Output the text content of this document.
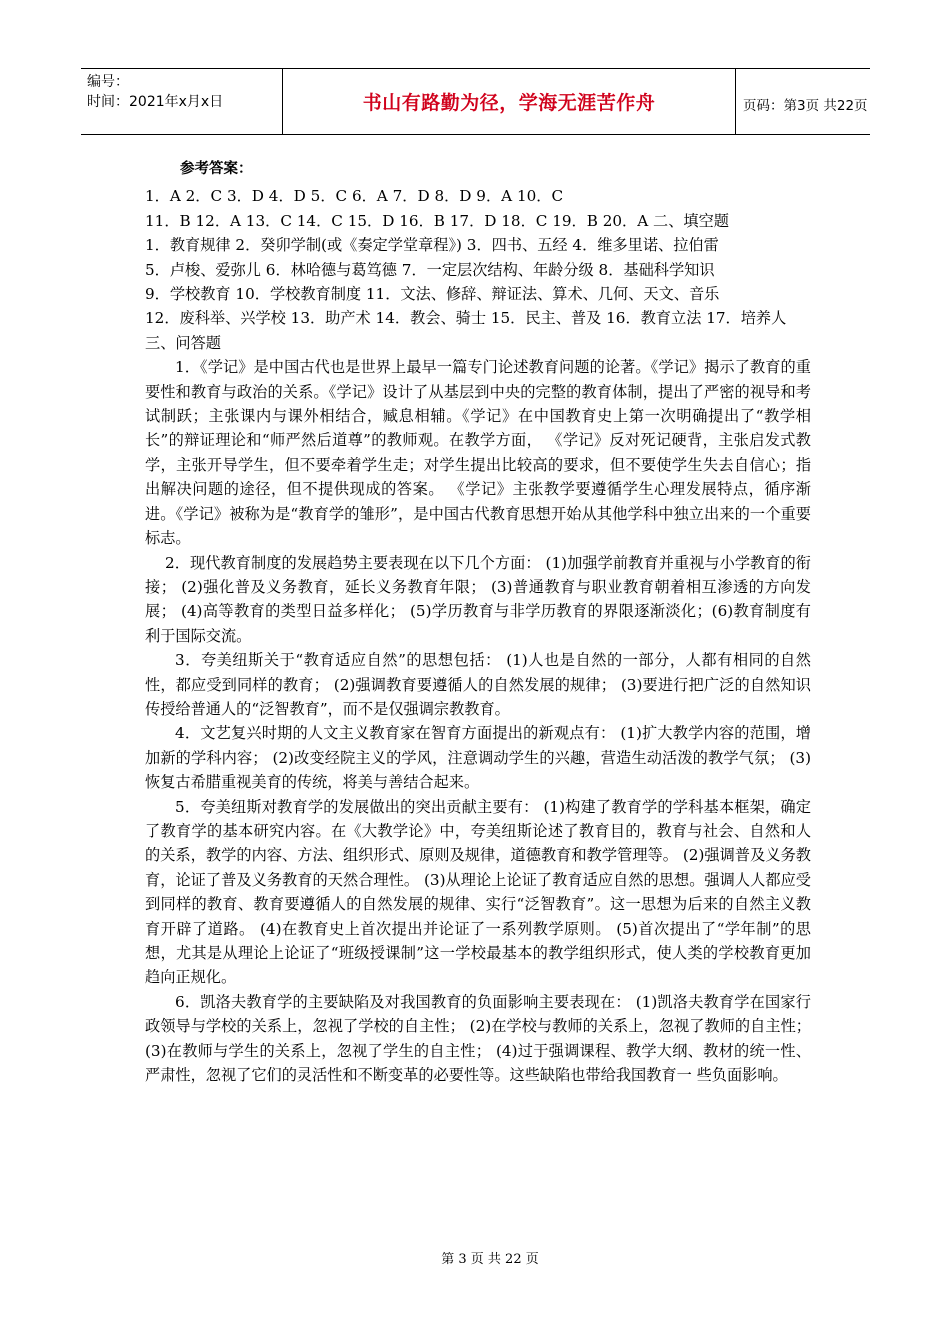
编号：
时间：2021年x月x日	书山有路勤为径，学海无涯苦作舟	页码：第3页 共22页

参考答案：

1．A 2．C 3．D 4．D 5．C 6．A 7．D 8．D 9．A 10．C

11．B 12．A 13．C 14．C 15．D 16．B 17．D 18．C 19．B 20．A 二、填空题

1．教育规律 2．癸卯学制(或《奏定学堂章程》) 3．四书、五经 4．维多里诺、拉伯雷

5．卢梭、爱弥儿 6．林哈德与葛笃德 7．一定层次结构、年龄分级 8．基础科学知识

9．学校教育 10．学校教育制度 11．文法、修辞、辩证法、算术、几何、天文、音乐

12．废科举、兴学校 13．助产术 14．教会、骑士 15．民主、普及 16．教育立法 17．培养人

三、问答题

1．《学记》是中国古代也是世界上最早一篇专门论述教育问题的论著。《学记》揭示了教育的重要性和教育与政治的关系。《学记》设计了从基层到中央的完整的教育体制，提出了严密的视导和考试制跃；主张课内与课外相结合，臧息相辅。《学记》在中国教育史上第一次明确提出了“教学相长”的辩证理论和“师严然后道尊”的教师观。在教学方面， 《学记》反对死记硬背，主张启发式教学，主张开导学生，但不要牵着学生走；对学生提出比较高的要求，但不要使学生失去自信心；指出解决问题的途径，但不提供现成的答案。 《学记》主张教学要遵循学生心理发展特点，循序渐进。《学记》被称为是“教育学的雏形”，是中国古代教育思想开始从其他学科中独立出来的一个重要标志。

2．现代教育制度的发展趋势主要表现在以下几个方面： (1)加强学前教育并重视与小学教育的衔接； (2)强化普及义务教育，延长义务教育年限； (3)普通教育与职业教育朝着相互渗透的方向发展； (4)高等教育的类型日益多样化； (5)学历教育与非学历教育的界限逐渐淡化；(6)教育制度有利于国际交流。

3．夸美纽斯关于“教育适应自然”的思想包括： (1)人也是自然的一部分，人都有相同的自然性，都应受到同样的教育； (2)强调教育要遵循人的自然发展的规律； (3)要进行把广泛的自然知识传授给普通人的“泛智教育”，而不是仅强调宗教教育。

4．文艺复兴时期的人文主义教育家在智育方面提出的新观点有： (1)扩大教学内容的范围，增加新的学科内容； (2)改变经院主义的学风，注意调动学生的兴趣，营造生动活泼的教学气氛； (3)恢复古希腊重视美育的传统，将美与善结合起来。

5．夸美纽斯对教育学的发展做出的突出贡献主要有： (1)构建了教育学的学科基本框架，确定了教育学的基本研究内容。在《大教学论》中，夸美纽斯论述了教育目的，教育与社会、自然和人的关系，教学的内容、方法、组织形式、原则及规律，道德教育和教学管理等。 (2)强调普及义务教育，论证了普及义务教育的天然合理性。 (3)从理论上论证了教育适应自然的思想。强调人人都应受到同样的教育、教育要遵循人的自然发展的规律、实行“泛智教育”。这一思想为后来的自然主义教育开辟了道路。 (4)在教育史上首次提出并论证了一系列教学原则。 (5)首次提出了“学年制”的思想，尤其是从理论上论证了“班级授课制”这一学校最基本的教学组织形式，使人类的学校教育更加趋向正规化。

6．凯洛夫教育学的主要缺陷及对我国教育的负面影响主要表现在： (1)凯洛夫教育学在国家行政领导与学校的关系上，忽视了学校的自主性； (2)在学校与教师的关系上，忽视了教师的自主性； (3)在教师与学生的关系上，忽视了学生的自主性； (4)过于强调课程、教学大纲、教材的统一性、严肃性，忽视了它们的灵活性和不断变革的必要性等。这些缺陷也带给我国教育一 些负面影响。

第 3 页 共 22 页
